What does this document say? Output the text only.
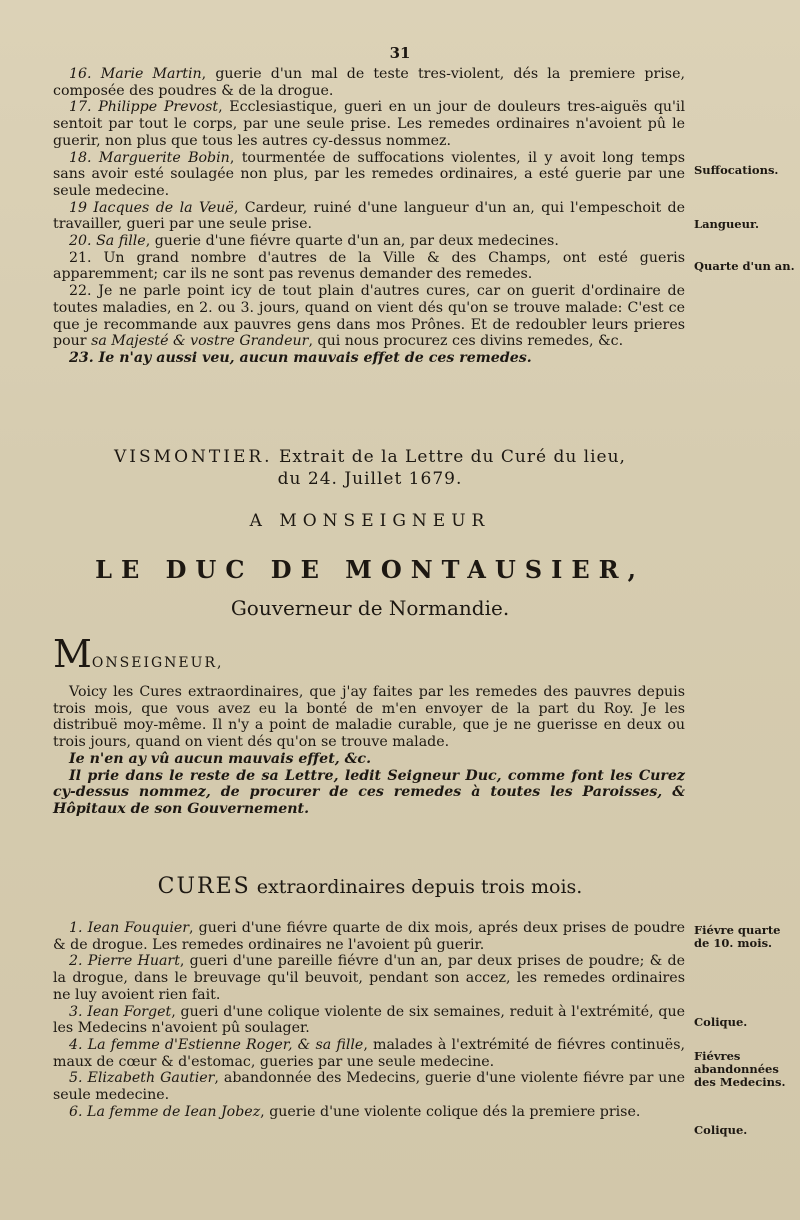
31

16. Marie Martin, guerie d'un mal de teste tres-violent, dés la premiere prise, composée des poudres & de la drogue.

17. Philippe Prevost, Ecclesiastique, gueri en un jour de douleurs tres-aiguës qu'il sentoit par tout le corps, par une seule prise. Les remedes ordinaires n'avoient pû le guerir, non plus que tous les autres cy-dessus nommez.

18. Marguerite Bobin, tourmentée de suffocations violentes, il y avoit long temps sans avoir esté soulagée non plus, par les remedes ordinaires, a esté guerie par une seule medecine.

19 Iacques de la Veuë, Cardeur, ruiné d'une langueur d'un an, qui l'empeschoit de travailler, gueri par une seule prise.

20. Sa fille, guerie d'une fiévre quarte d'un an, par deux medecines.

21. Un grand nombre d'autres de la Ville & des Champs, ont esté gueris apparemment; car ils ne sont pas revenus demander des remedes.

22. Je ne parle point icy de tout plain d'autres cures, car on guerit d'ordinaire de toutes maladies, en 2. ou 3. jours, quand on vient dés qu'on se trouve malade: C'est ce que je recommande aux pauvres gens dans mos Prônes. Et de redoubler leurs prieres pour sa Majesté & vostre Grandeur, qui nous procurez ces divins remedes, &c.

23. Ie n'ay aussi veu, aucun mauvais effet de ces remedes.

Suffocations.
Langueur.
Quarte d'un an.
VISMONTIER. Extrait de la Lettre du Curé du lieu,
du 24. Juillet 1679.
A MONSEIGNEUR
LE DUC DE MONTAUSIER,
Gouverneur de Normandie.
MONSEIGNEUR,

Voicy les Cures extraordinaires, que j'ay faites par les remedes des pauvres depuis trois mois, que vous avez eu la bonté de m'en envoyer de la part du Roy. Je les distribuë moy-même. Il n'y a point de maladie curable, que je ne guerisse en deux ou trois jours, quand on vient dés qu'on se trouve malade.

Ie n'en ay vû aucun mauvais effet, &c.

Il prie dans le reste de sa Lettre, ledit Seigneur Duc, comme font les Curez cy-dessus nommez, de procurer de ces remedes à toutes les Paroisses, & Hôpitaux de son Gouvernement.

CURES extraordinaires depuis trois mois.

1. Iean Fouquier, gueri d'une fiévre quarte de dix mois, aprés deux prises de poudre & de drogue. Les remedes ordinaires ne l'avoient pû guerir.

2. Pierre Huart, gueri d'une pareille fiévre d'un an, par deux prises de poudre; & de la drogue, dans le breuvage qu'il beuvoit, pendant son accez, les remedes ordinaires ne luy avoient rien fait.

3. Iean Forget, gueri d'une colique violente de six semaines, reduit à l'extrémité, que les Medecins n'avoient pû soulager.

4. La femme d'Estienne Roger, & sa fille, malades à l'extrémité de fiévres continuës, maux de cœur & d'estomac, gueries par une seule medecine.

5. Elizabeth Gautier, abandonnée des Medecins, guerie d'une violente fiévre par une seule medecine.

6. La femme de Iean Jobez, guerie d'une violente colique dés la premiere prise.

Fiévre quarte de 10. mois.
Colique.
Fiévres abandonnées des Medecins.
Colique.
